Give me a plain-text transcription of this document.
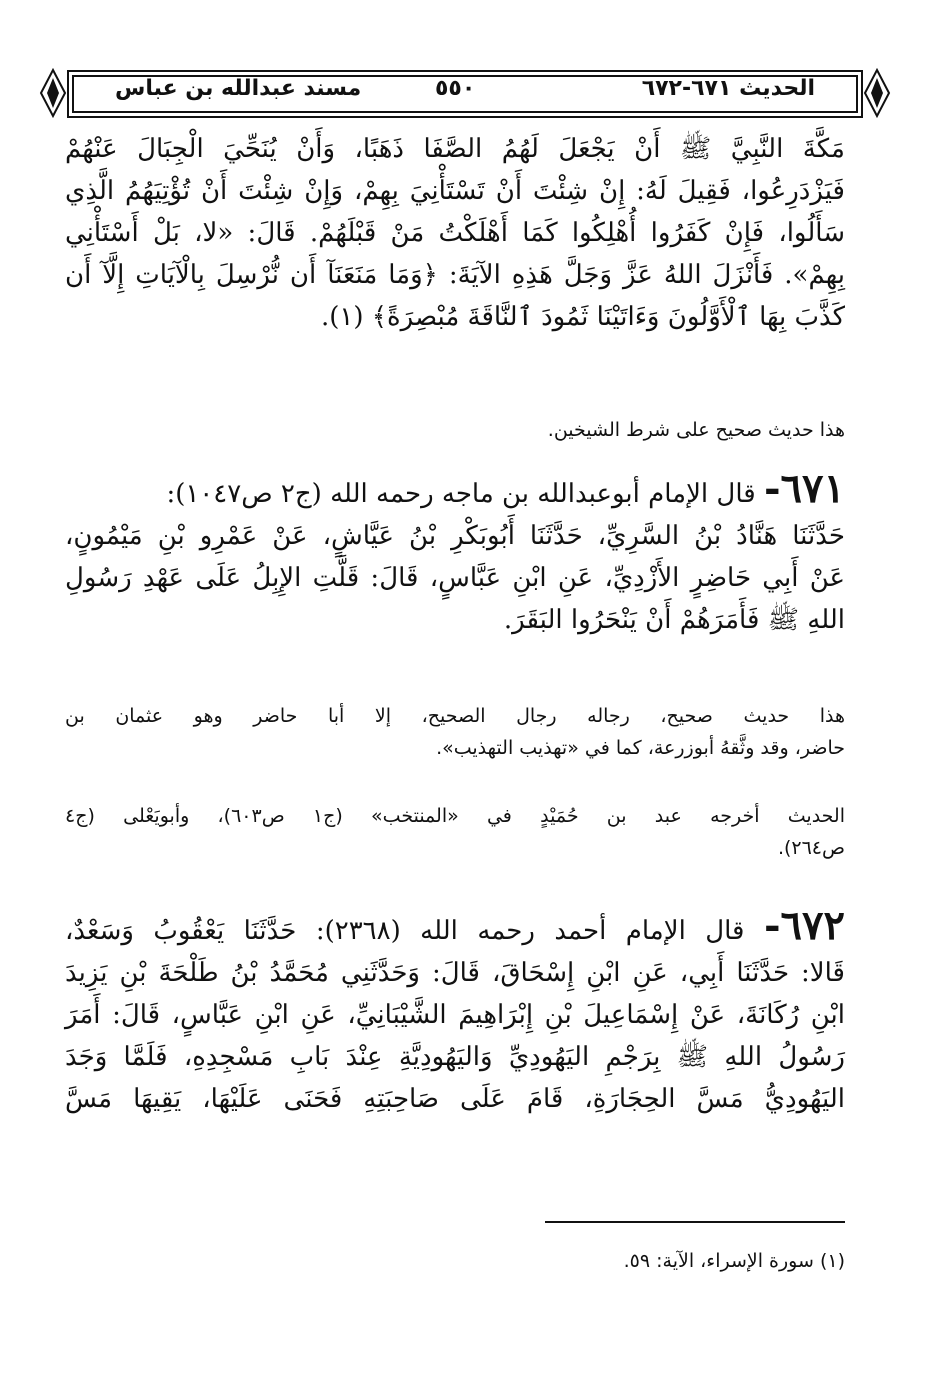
الحديث ٦٧١-٦٧٢
٥٥٠
مسند عبدالله بن عباس
مَكَّةَ النَّبِيَّ ﷺ أَنْ يَجْعَلَ لَهُمُ الصَّفَا ذَهَبًا، وَأَنْ يُنَحِّيَ الْجِبَالَ عَنْهُمْ
فَيَزْدَرِعُوا، فَقِيلَ لَهُ: إِنْ شِئْتَ أَنْ تَسْتَأْنِيَ بِهِمْ، وَإِنْ شِئْتَ أَنْ تُؤْتِيَهُمُ الَّذِي
سَأَلُوا، فَإِنْ كَفَرُوا أُهْلِكُوا كَمَا أَهْلَكْتُ مَنْ قَبْلَهُمْ. قَالَ: «لا، بَلْ أَسْتَأْنِي
بِهِمْ». فَأَنْزَلَ اللهُ عَزَّ وَجَلَّ هَذِهِ الآيَةَ: ﴿وَمَا مَنَعَنَآ أَن نُّرْسِلَ بِالْآيَاتِ إِلَّآ أَن
كَذَّبَ بِهَا ٱلْأَوَّلُونَ وَءَاتَيْنَا ثَمُودَ ٱلنَّاقَةَ مُبْصِرَةً﴾ (١).
هذا حديث صحيح على شرط الشيخين.
٦٧١- قال الإمام أبوعبدالله بن ماجه رحمه الله (ج٢ ص١٠٤٧):
حَدَّثَنَا هَنَّادُ بْنُ السَّرِيِّ، حَدَّثَنَا أَبُوبَكْرِ بْنُ عَيَّاشٍ، عَنْ عَمْرِو بْنِ مَيْمُونٍ،
عَنْ أَبِي حَاضِرٍ الأَزْدِيِّ، عَنِ ابْنِ عَبَّاسٍ، قَالَ: قَلَّتِ الإِبِلُ عَلَى عَهْدِ رَسُولِ
اللهِ ﷺ فَأَمَرَهُمْ أَنْ يَنْحَرُوا البَقَرَ.
هذا حديث صحيح، رجاله رجال الصحيح، إلا أبا حاضر وهو عثمان بن
حاضر، وقد وثَّقهُ أبوزرعة، كما في «تهذيب التهذيب».
الحديث أخرجه عبد بن حُمَيْدٍ في «المنتخب» (ج١ ص٦٠٣)، وأبويَعْلى (ج٤
ص٢٦٤).
٦٧٢- قال الإمام أحمد رحمه الله (٢٣٦٨): حَدَّثَنَا يَعْقُوبُ وَسَعْدٌ،
قَالا: حَدَّثَنَا أَبِي، عَنِ ابْنِ إِسْحَاقَ، قَالَ: وَحَدَّثَنِي مُحَمَّدُ بْنُ طَلْحَةَ بْنِ يَزِيدَ
ابْنِ رُكَانَةَ، عَنْ إِسْمَاعِيلَ بْنِ إِبْرَاهِيمَ الشَّيْبَانِيِّ، عَنِ ابْنِ عَبَّاسٍ، قَالَ: أَمَرَ
رَسُولُ اللهِ ﷺ بِرَجْمِ اليَهُودِيِّ وَاليَهُودِيَّةِ عِنْدَ بَابِ مَسْجِدِهِ، فَلَمَّا وَجَدَ
اليَهُودِيُّ مَسَّ الحِجَارَةِ، قَامَ عَلَى صَاحِبَتِهِ فَحَنَى عَلَيْهَا، يَقِيهَا مَسَّ
(١) سورة الإسراء، الآية: ٥٩.
